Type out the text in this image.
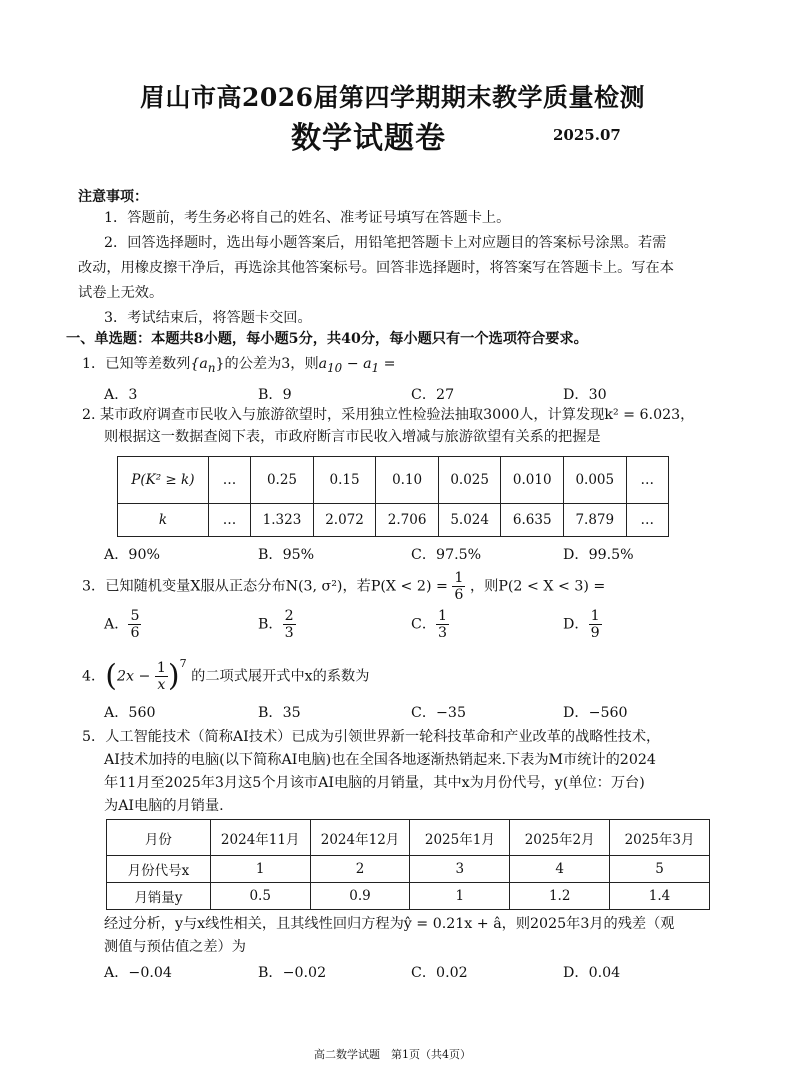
眉山市高2026届第四学期期末教学质量检测
数学试题卷	2025.07
注意事项：
1．答题前，考生务必将自己的姓名、准考证号填写在答题卡上。
2．回答选择题时，选出每小题答案后，用铅笔把答题卡上对应题目的答案标号涂黑。若需
改动，用橡皮擦干净后，再选涂其他答案标号。回答非选择题时，将答案写在答题卡上。写在本
试卷上无效。
3．考试结束后，将答题卡交回。
一、单选题：本题共8小题，每小题5分，共40分，每小题只有一个选项符合要求。
1．已知等差数列$\{a_n\}$的公差为3，则$a_{10} - a_1$ =
A．3	B．9	C．27	D．30
2. 某市政府调查市民收入与旅游欲望时，采用独立性检验法抽取3000人，计算发现k² = 6.023，
则根据这一数据查阅下表，市政府断言市民收入增减与旅游欲望有关系的把握是
P(K² ≥ k)	…	0.25	0.15	0.10	0.025	0.010	0.005	…
k	…	1.323	2.072	2.706	5.024	6.635	7.879	…
A．90%	B．95%	C．97.5%	D．99.5%
3．已知随机变量X服从正态分布N(3, σ²)，若$P(X < 2) = \frac{1}{6}$ ，则P(2 < X < 3) =
A． $\frac{5}{6}$	B． $\frac{2}{3}$	C． $\frac{1}{3}$	D． $\frac{1}{9}$
4．$(2x - \frac{1}{x} )^7$ 的二项式展开式中x的系数为
A．560	B．35	C．−35	D．−560
5．人工智能技术（简称AI技术）已成为引领世界新一轮科技革命和产业改革的战略性技术，
AI技术加持的电脑(以下简称AI电脑)也在全国各地逐渐热销起来.下表为M市统计的2024
年11月至2025年3月这5个月该市AI电脑的月销量，其中x为月份代号，y(单位：万台)
为AI电脑的月销量.
月份	2024年11月	2024年12月	2025年1月	2025年2月	2025年3月
月份代号x	1	2	3	4	5
月销量y	0.5	0.9	1	1.2	1.4
经过分析，y与x线性相关，且其线性回归方程为ŷ = 0.21x + â，则2025年3月的残差（观
测值与预估值之差）为
A．−0.04	B．−0.02	C．0.02	D．0.04
高二数学试题　第1页（共4页）
